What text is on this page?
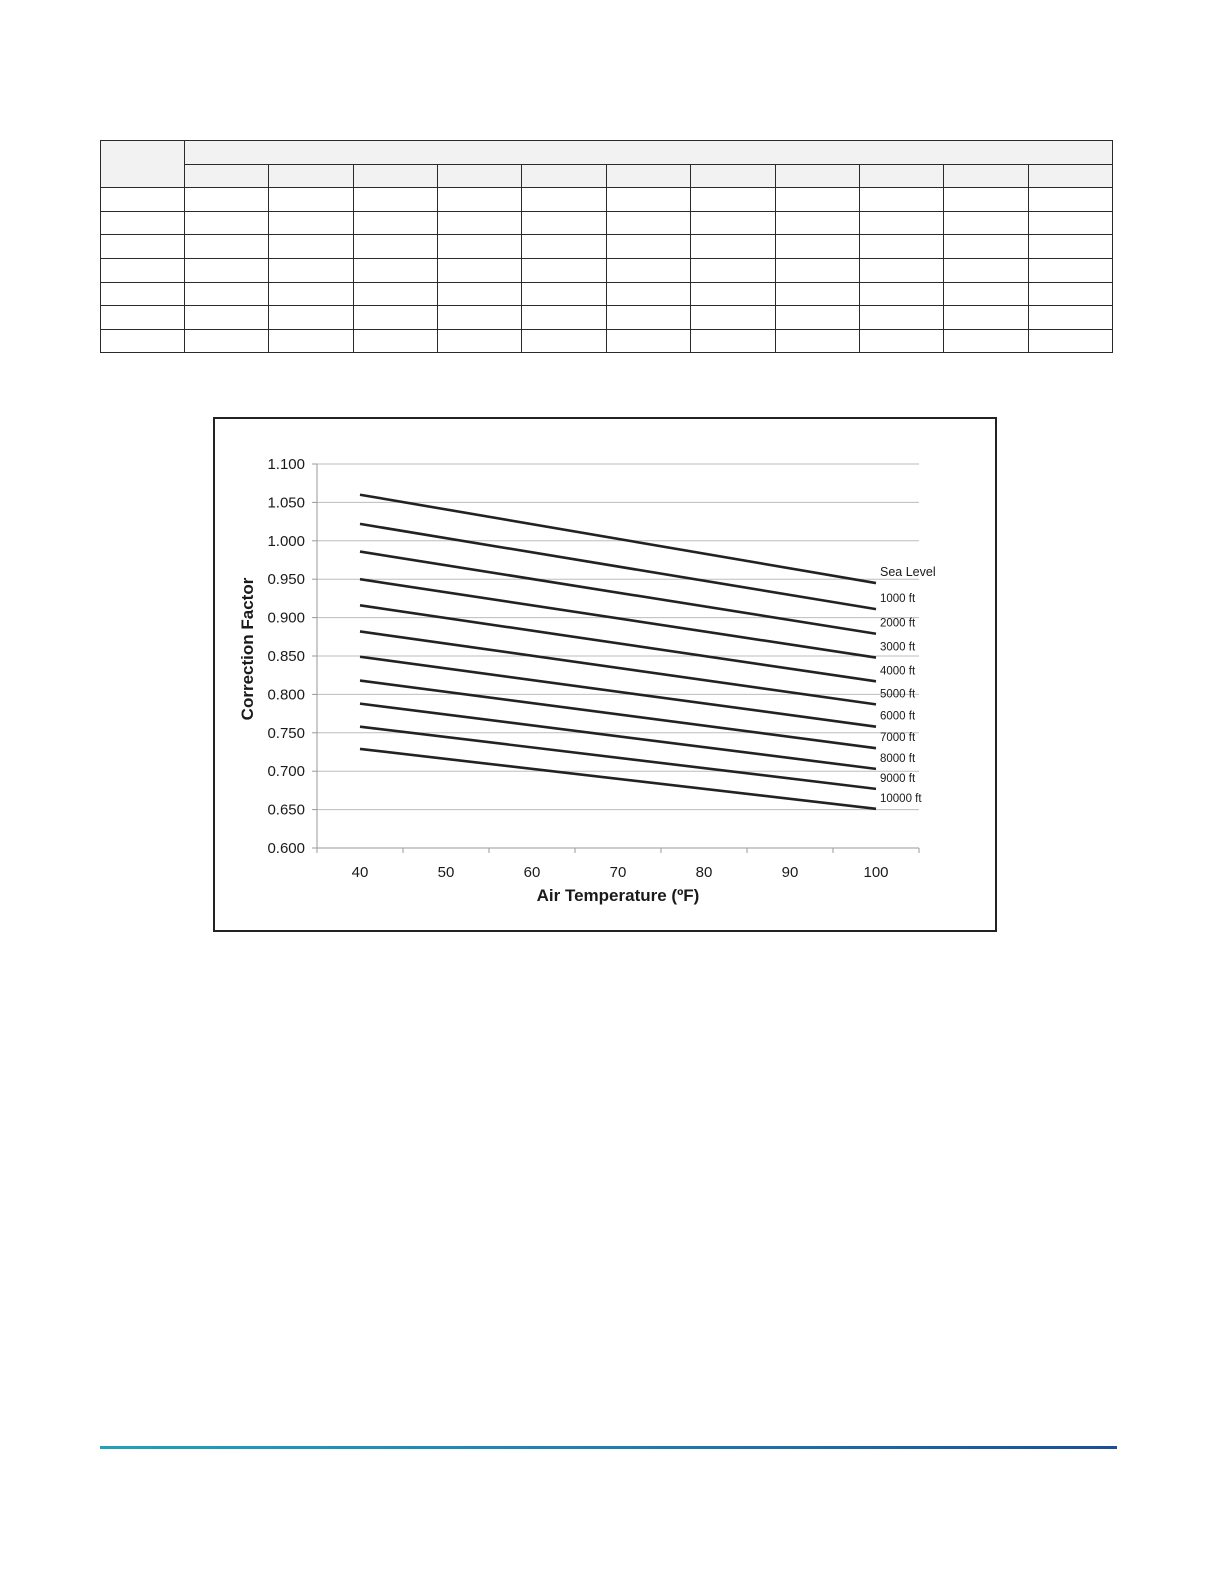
0.600
0.650
0.700
0.750
0.800
0.850
0.900
0.950
1.000
1.050
1.100
40	50	60	70	80	90	100
Air Temperature (ºF)
Correction Factor
Sea Level
1000 ft
2000 ft
3000 ft
4000 ft
5000 ft
6000 ft
7000 ft
8000 ft
9000 ft
10000 ft
